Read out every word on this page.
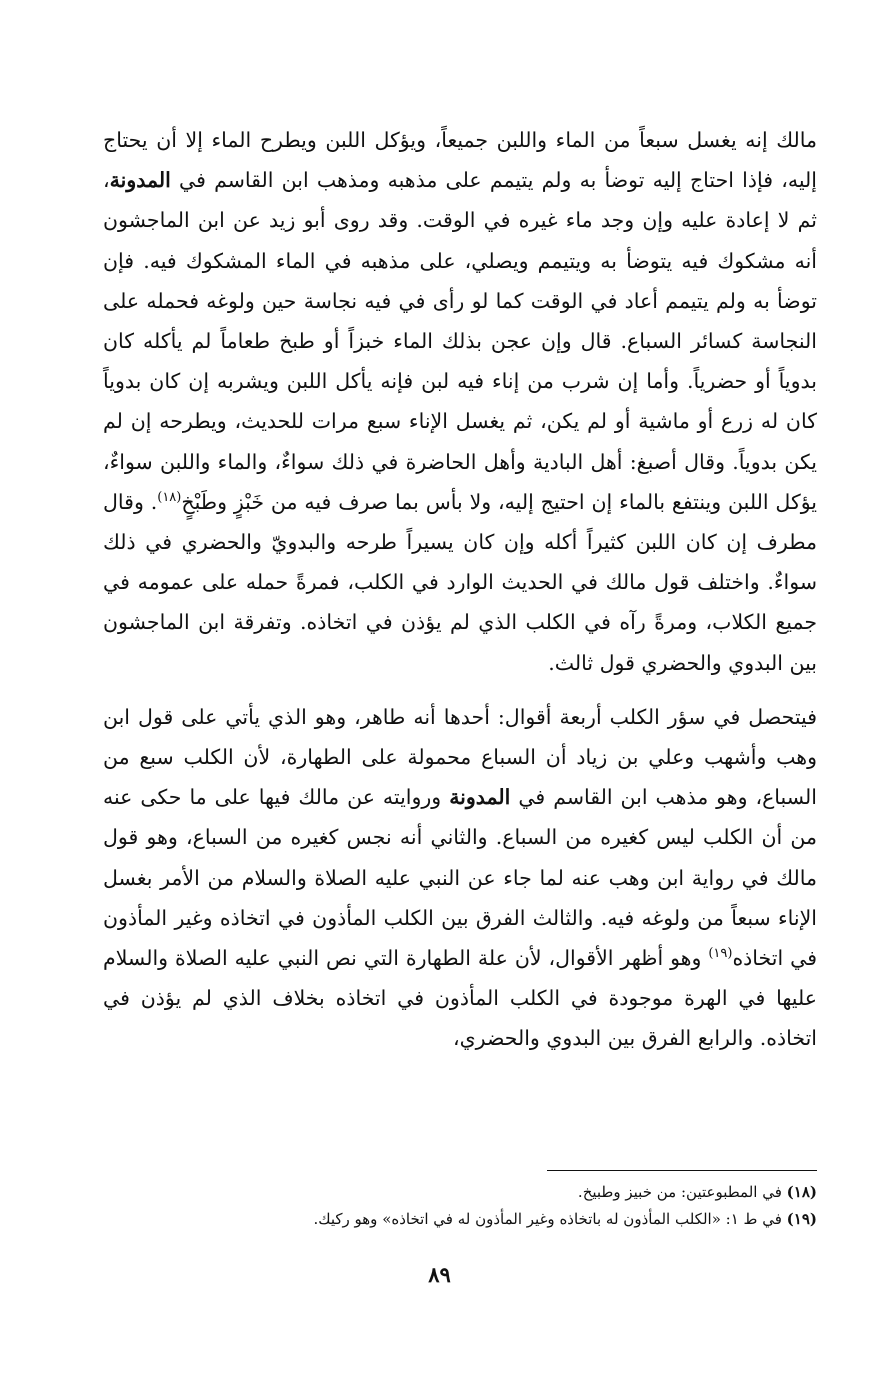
مالك إنه يغسل سبعاً من الماء واللبن جميعاً، ويؤكل اللبن ويطرح الماء إلا أن يحتاج إليه، فإذا احتاج إليه توضأ به ولم يتيمم على مذهبه ومذهب ابن القاسم في المدونة، ثم لا إعادة عليه وإن وجد ماء غيره في الوقت. وقد روى أبو زيد عن ابن الماجشون أنه مشكوك فيه يتوضأ به ويتيمم ويصلي، على مذهبه في الماء المشكوك فيه. فإن توضأ به ولم يتيمم أعاد في الوقت كما لو رأى في فيه نجاسة حين ولوغه فحمله على النجاسة كسائر السباع. قال وإن عجن بذلك الماء خبزاً أو طبخ طعاماً لم يأكله كان بدوياً أو حضرياً. وأما إن شرب من إناء فيه لبن فإنه يأكل اللبن ويشربه إن كان بدوياً كان له زرع أو ماشية أو لم يكن، ثم يغسل الإناء سبع مرات للحديث، ويطرحه إن لم يكن بدوياً. وقال أصبغ: أهل البادية وأهل الحاضرة في ذلك سواءٌ، والماء واللبن سواءٌ، يؤكل اللبن وينتفع بالماء إن احتيج إليه، ولا بأس بما صرف فيه من خَبْزٍ وطَبْخٍ$^{(١٨)}$. وقال مطرف إن كان اللبن كثيراً أكله وإن كان يسيراً طرحه والبدويّ والحضري في ذلك سواءٌ. واختلف قول مالك في الحديث الوارد في الكلب، فمرةً حمله على عمومه في جميع الكلاب، ومرةً رآه في الكلب الذي لم يؤذن في اتخاذه. وتفرقة ابن الماجشون بين البدوي والحضري قول ثالث.

فيتحصل في سؤر الكلب أربعة أقوال: أحدها أنه طاهر، وهو الذي يأتي على قول ابن وهب وأشهب وعلي بن زياد أن السباع محمولة على الطهارة، لأن الكلب سبع من السباع، وهو مذهب ابن القاسم في المدونة وروايته عن مالك فيها على ما حكى عنه من أن الكلب ليس كغيره من السباع. والثاني أنه نجس كغيره من السباع، وهو قول مالك في رواية ابن وهب عنه لما جاء عن النبي عليه الصلاة والسلام من الأمر بغسل الإناء سبعاً من ولوغه فيه. والثالث الفرق بين الكلب المأذون في اتخاذه وغير المأذون في اتخاذه$^{(١٩)}$ وهو أظهر الأقوال، لأن علة الطهارة التي نص النبي عليه الصلاة والسلام عليها في الهرة موجودة في الكلب المأذون في اتخاذه بخلاف الذي لم يؤذن في اتخاذه. والرابع الفرق بين البدوي والحضري،

(١٨) في المطبوعتين: من خبيز وطبيخ.

(١٩) في ط ١: «الكلب المأذون له باتخاذه وغير المأذون له في اتخاذه» وهو ركيك.

٨٩
